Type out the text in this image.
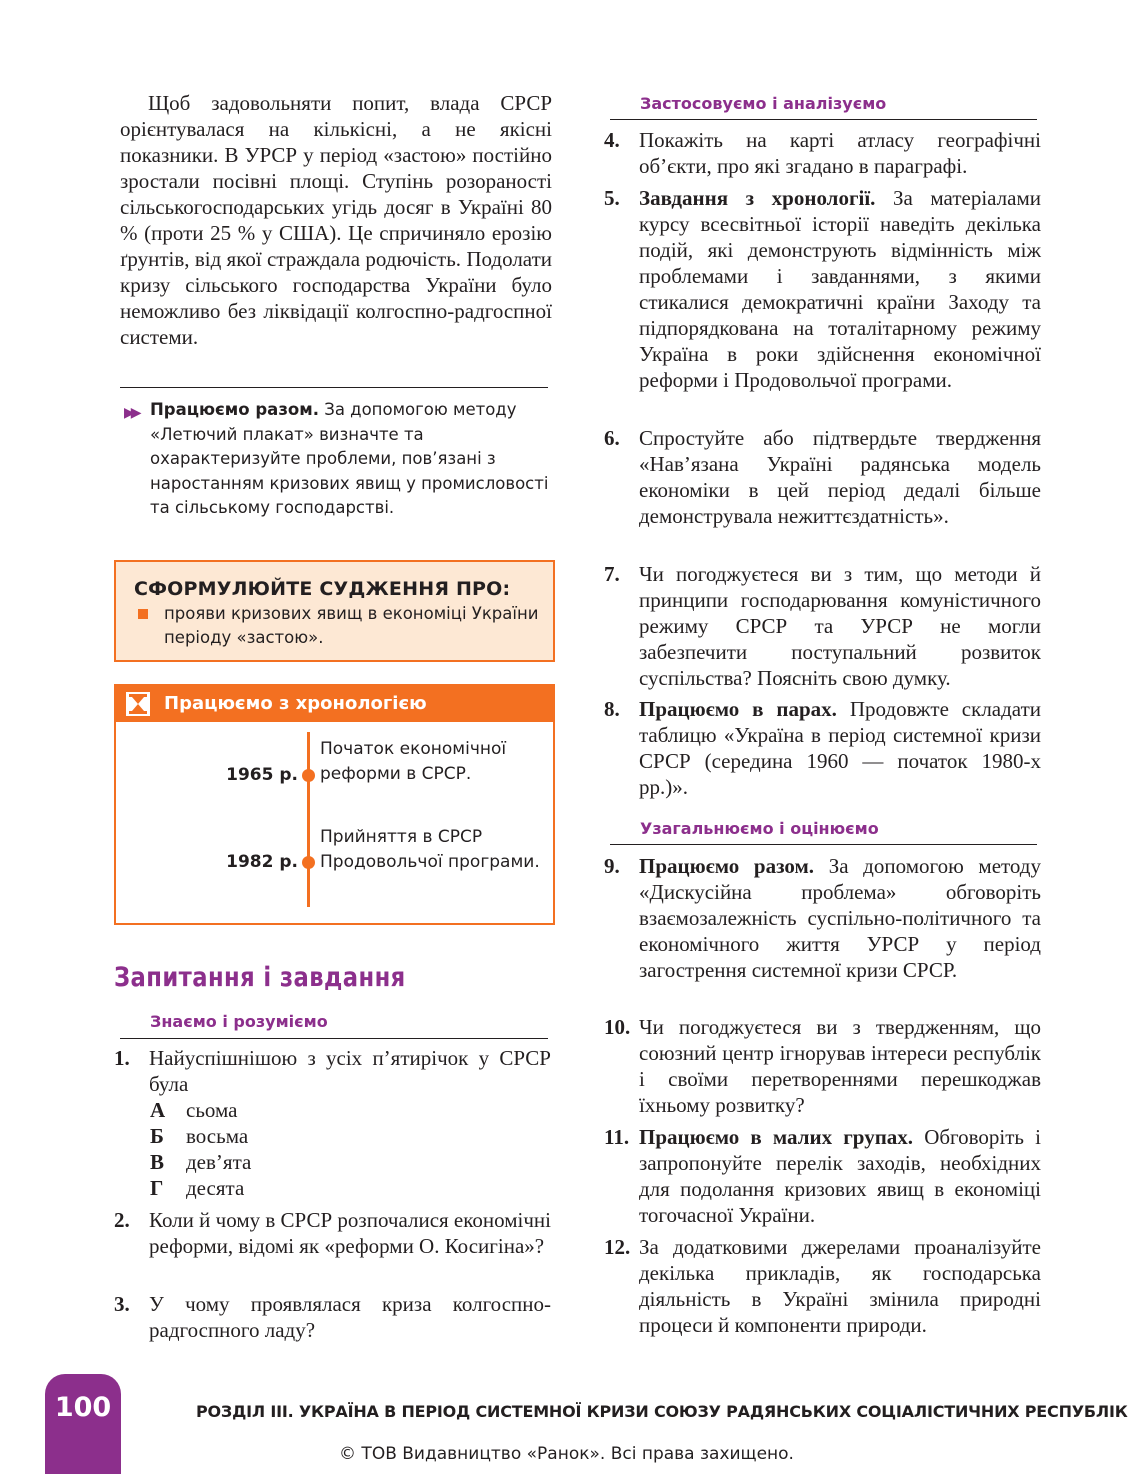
Щоб задовольняти попит, влада СРСР орієнтувалася на кількісні, а не якісні показники. В УРСР у період «застою» постійно зростали посівні площі. Ступінь розораності сільськогосподарських угідь досяг в Україні 80 % (проти 25 % у США). Це спричиняло ерозію ґрунтів, від якої страждала родючість. Подолати кризу сільського господарства України було неможливо без ліквідації колгоспно-радгоспної системи.

▶▶ Працюємо разом. За допомогою методу «Летючий плакат» визначте та охарактеризуйте проблеми, пов’язані з наростанням кризових явищ у промисловості та сільському господарстві.
СФОРМУЛЮЙТЕ СУДЖЕННЯ ПРО:
прояви кризових явищ в економіці України періоду «застою».
Працюємо з хронологією
1965 р.
Початок економічної реформи в СРСР.
1982 р.
Прийняття в СРСР Продовольчої програми.
Запитання і завдання
Знаємо і розуміємо
1. Найуспішнішою з усіх п’ятирічок у СРСР була
А сьома
Б восьма
В дев’ята
Г десята
2. Коли й чому в СРСР розпочалися економічні реформи, відомі як «реформи О. Косигіна»?
3. У чому проявлялася криза колгоспно-радгоспного ладу?
Застосовуємо і аналізуємо
4. Покажіть на карті атласу географічні об’єкти, про які згадано в параграфі.
5. Завдання з хронології. За матеріалами курсу всесвітньої історії наведіть декілька подій, які демонструють відмінність між проблемами і завданнями, з якими стикалися демократичні країни Заходу та підпорядкована на тоталітарному режиму Україна в роки здійснення економічної реформи і Продовольчої програми.
6. Спростуйте або підтвердьте твердження «Нав’язана Україні радянська модель економіки в цей період дедалі більше демонструвала нежиттєздатність».
7. Чи погоджуєтеся ви з тим, що методи й принципи господарювання комуністичного режиму СРСР та УРСР не могли забезпечити поступальний розвиток суспільства? Поясніть свою думку.
8. Працюємо в парах. Продовжте складати таблицю «Україна в період системної кризи СРСР (середина 1960 — початок 1980-х рр.)».
Узагальнюємо і оцінюємо
9. Працюємо разом. За допомогою методу «Дискусійна проблема» обговоріть взаємозалежність суспільно-політичного та економічного життя УРСР у період загострення системної кризи СРСР.
10. Чи погоджуєтеся ви з твердженням, що союзний центр ігнорував інтереси республік і своїми перетвореннями перешкоджав їхньому розвитку?
11. Працюємо в малих групах. Обговоріть і запропонуйте перелік заходів, необхідних для подолання кризових явищ в економіці тогочасної України.
12. За додатковими джерелами проаналізуйте декілька прикладів, як господарська діяльність в Україні змінила природні процеси й компоненти природи.
100	РОЗДІЛ ІІІ. УКРАЇНА В ПЕРІОД СИСТЕМНОЇ КРИЗИ СОЮЗУ РАДЯНСЬКИХ СОЦІАЛІСТИЧНИХ РЕСПУБЛІК
© ТОВ Видавництво «Ранок». Всі права захищено.
